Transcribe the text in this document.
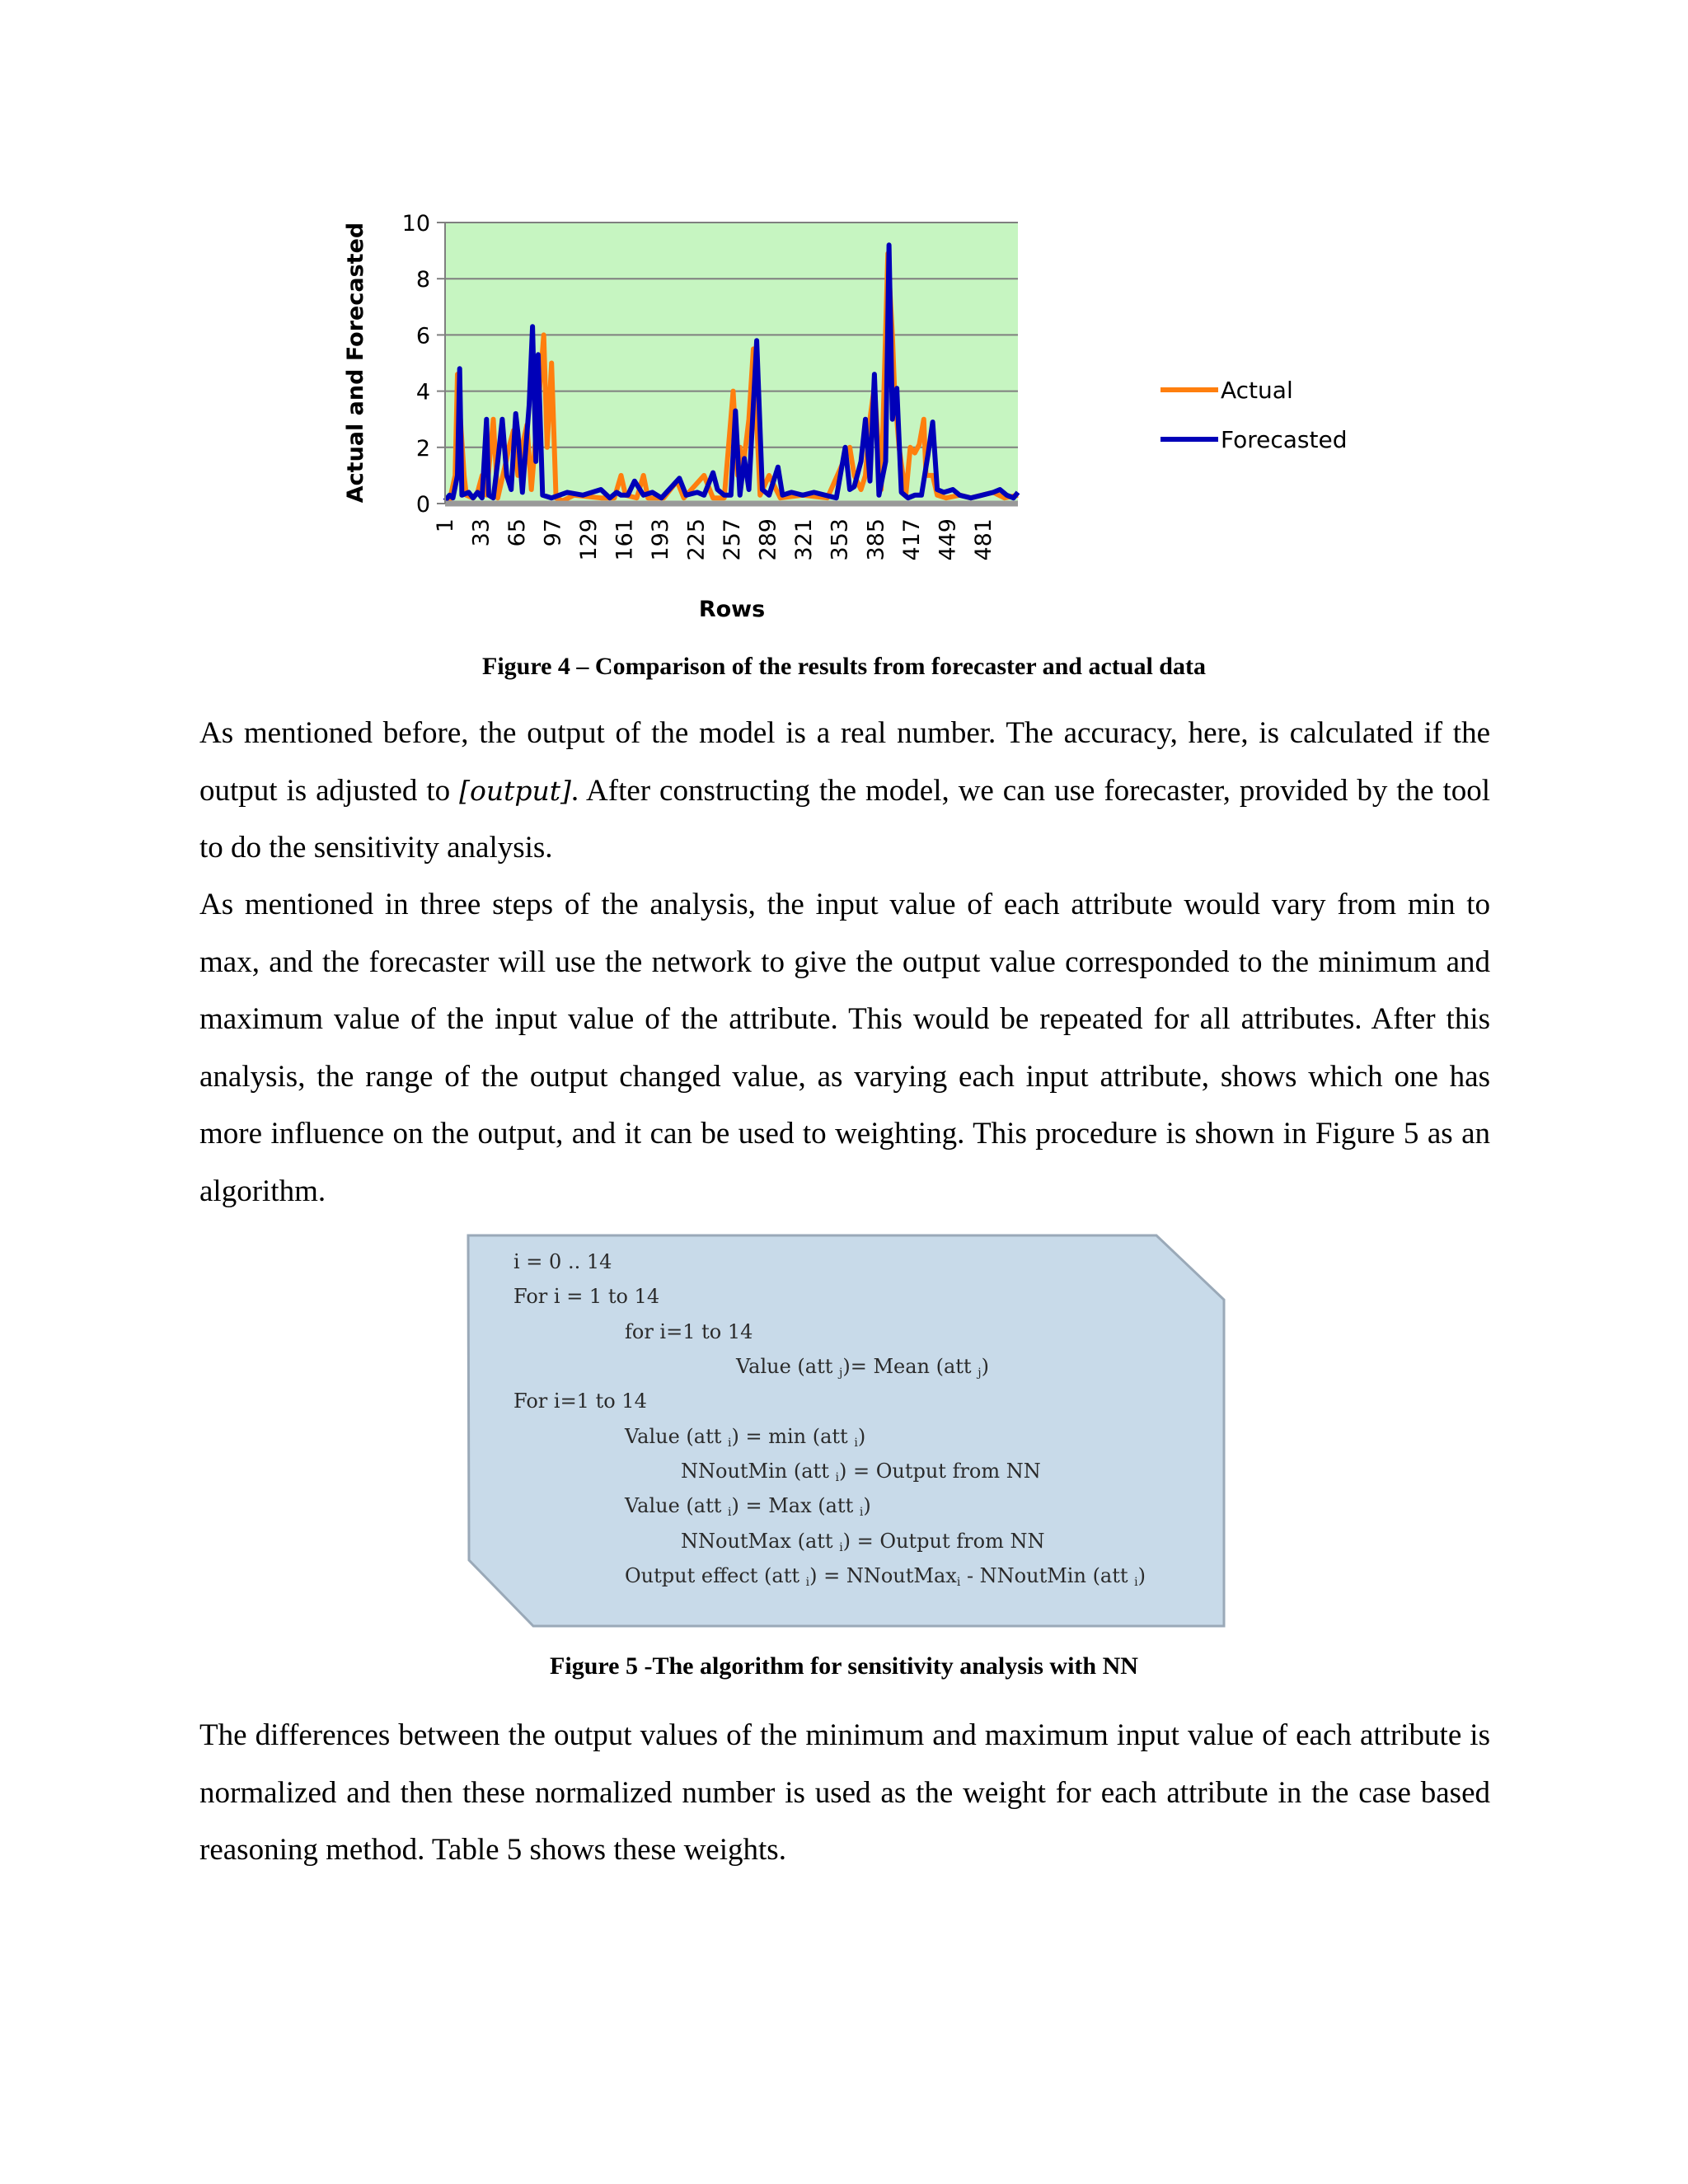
0
2
4
6
8
10
1 33 65 97 129 161 193 225 257 289 321 353 385 417 449 481
Actual and Forecasted
Rows
Actual
Forecasted
Figure 4 – Comparison of the results from forecaster and actual data
As mentioned before, the output of the model is a real number. The accuracy, here, is calculated if the output is adjusted to [output]. After constructing the model, we can use forecaster, provided by the tool to do the sensitivity analysis.

As mentioned in three steps of the analysis, the input value of each attribute would vary from min to max, and the forecaster will use the network to give the output value corresponded to the minimum and maximum value of the input value of the attribute. This would be repeated for all attributes. After this analysis, the range of the output changed value, as varying each input attribute, shows which one has more influence on the output, and it can be used to weighting. This procedure is shown in Figure 5 as an algorithm.

i = 0 .. 14
For i = 1 to 14
for i=1 to 14
Value (att $_j$)= Mean (att $_j$)
For i=1 to 14
Value (att $_i$) = min (att $_i$)
NNoutMin (att $_i$) = Output from NN
Value (att $_i$) = Max (att $_i$)
NNoutMax (att $_i$) = Output from NN
Output effect (att $_i$) = NNoutMax$_i$ - NNoutMin (att $_i$)
Figure 5 -The algorithm for sensitivity analysis with NN

The differences between the output values of the minimum and maximum input value of each attribute is normalized and then these normalized number is used as the weight for each attribute in the case based reasoning method. Table 5 shows these weights.
